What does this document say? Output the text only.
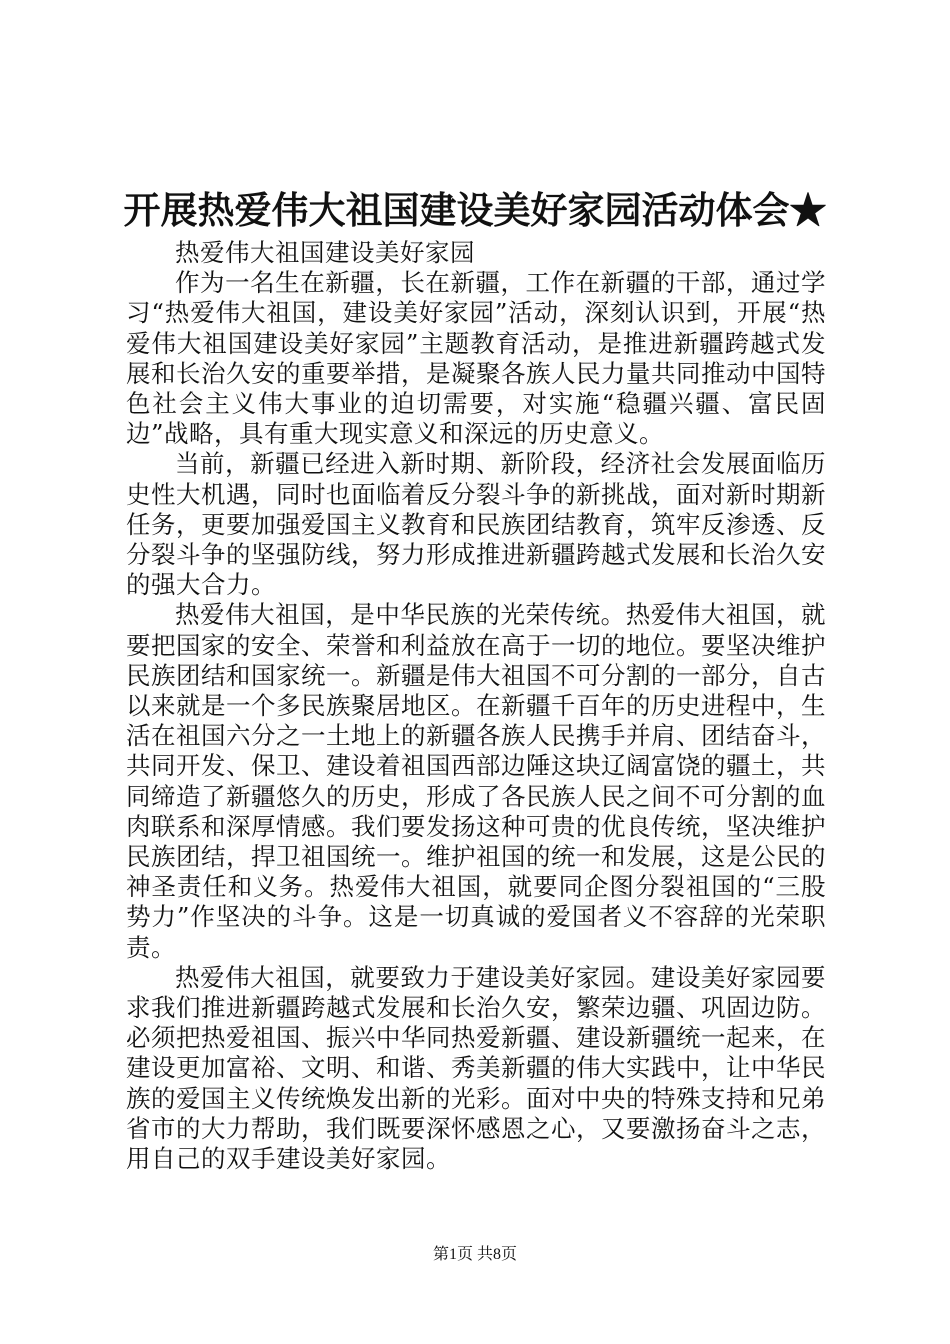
开展热爱伟大祖国建设美好家园活动体会★

热爱伟大祖国建设美好家园

作为一名生在新疆，长在新疆，工作在新疆的干部，通过学习“热爱伟大祖国，建设美好家园”活动，深刻认识到，开展“热爱伟大祖国建设美好家园”主题教育活动，是推进新疆跨越式发展和长治久安的重要举措，是凝聚各族人民力量共同推动中国特色社会主义伟大事业的迫切需要，对实施“稳疆兴疆、富民固边”战略，具有重大现实意义和深远的历史意义。

当前，新疆已经进入新时期、新阶段，经济社会发展面临历史性大机遇，同时也面临着反分裂斗争的新挑战，面对新时期新任务，更要加强爱国主义教育和民族团结教育，筑牢反渗透、反分裂斗争的坚强防线，努力形成推进新疆跨越式发展和长治久安的强大合力。

热爱伟大祖国，是中华民族的光荣传统。热爱伟大祖国，就要把国家的安全、荣誉和利益放在高于一切的地位。要坚决维护民族团结和国家统一。新疆是伟大祖国不可分割的一部分，自古以来就是一个多民族聚居地区。在新疆千百年的历史进程中，生活在祖国六分之一土地上的新疆各族人民携手并肩、团结奋斗，共同开发、保卫、建设着祖国西部边陲这块辽阔富饶的疆土，共同缔造了新疆悠久的历史，形成了各民族人民之间不可分割的血肉联系和深厚情感。我们要发扬这种可贵的优良传统，坚决维护民族团结，捍卫祖国统一。维护祖国的统一和发展，这是公民的神圣责任和义务。热爱伟大祖国，就要同企图分裂祖国的“三股势力”作坚决的斗争。这是一切真诚的爱国者义不容辞的光荣职责。

热爱伟大祖国，就要致力于建设美好家园。建设美好家园要求我们推进新疆跨越式发展和长治久安，繁荣边疆、巩固边防。必须把热爱祖国、振兴中华同热爱新疆、建设新疆统一起来，在建设更加富裕、文明、和谐、秀美新疆的伟大实践中，让中华民族的爱国主义传统焕发出新的光彩。面对中央的特殊支持和兄弟省市的大力帮助，我们既要深怀感恩之心，又要激扬奋斗之志，用自己的双手建设美好家园。

第1页 共8页
